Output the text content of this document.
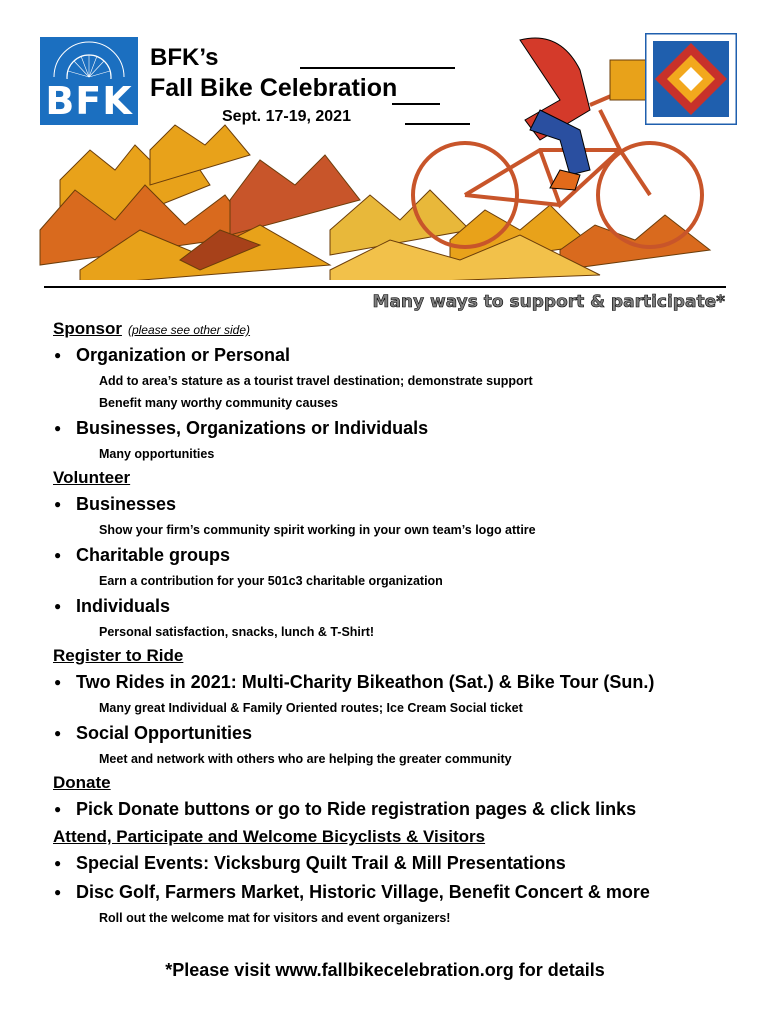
BFK
BFK’s
Fall Bike Celebration
Sept. 17-19, 2021
Many ways to support & participate*
Sponsor (please see other side)
● Organization or Personal
Add to area’s stature as a tourist travel destination; demonstrate support
Benefit many worthy community causes
● Businesses, Organizations or Individuals
Many opportunities
Volunteer
● Businesses
Show your firm’s community spirit working in your own team’s logo attire
● Charitable groups
Earn a contribution for your 501c3 charitable organization
● Individuals
Personal satisfaction, snacks, lunch & T-Shirt!
Register to Ride
● Two Rides in 2021: Multi-Charity Bikeathon (Sat.) & Bike Tour (Sun.)
Many great Individual & Family Oriented routes; Ice Cream Social ticket
● Social Opportunities
Meet and network with others who are helping the greater community
Donate
● Pick Donate buttons or go to Ride registration pages & click links
Attend, Participate and Welcome Bicyclists & Visitors
● Special Events: Vicksburg Quilt Trail & Mill Presentations
● Disc Golf, Farmers Market, Historic Village, Benefit Concert & more
Roll out the welcome mat for visitors and event organizers!
*Please visit www.fallbikecelebration.org for details
